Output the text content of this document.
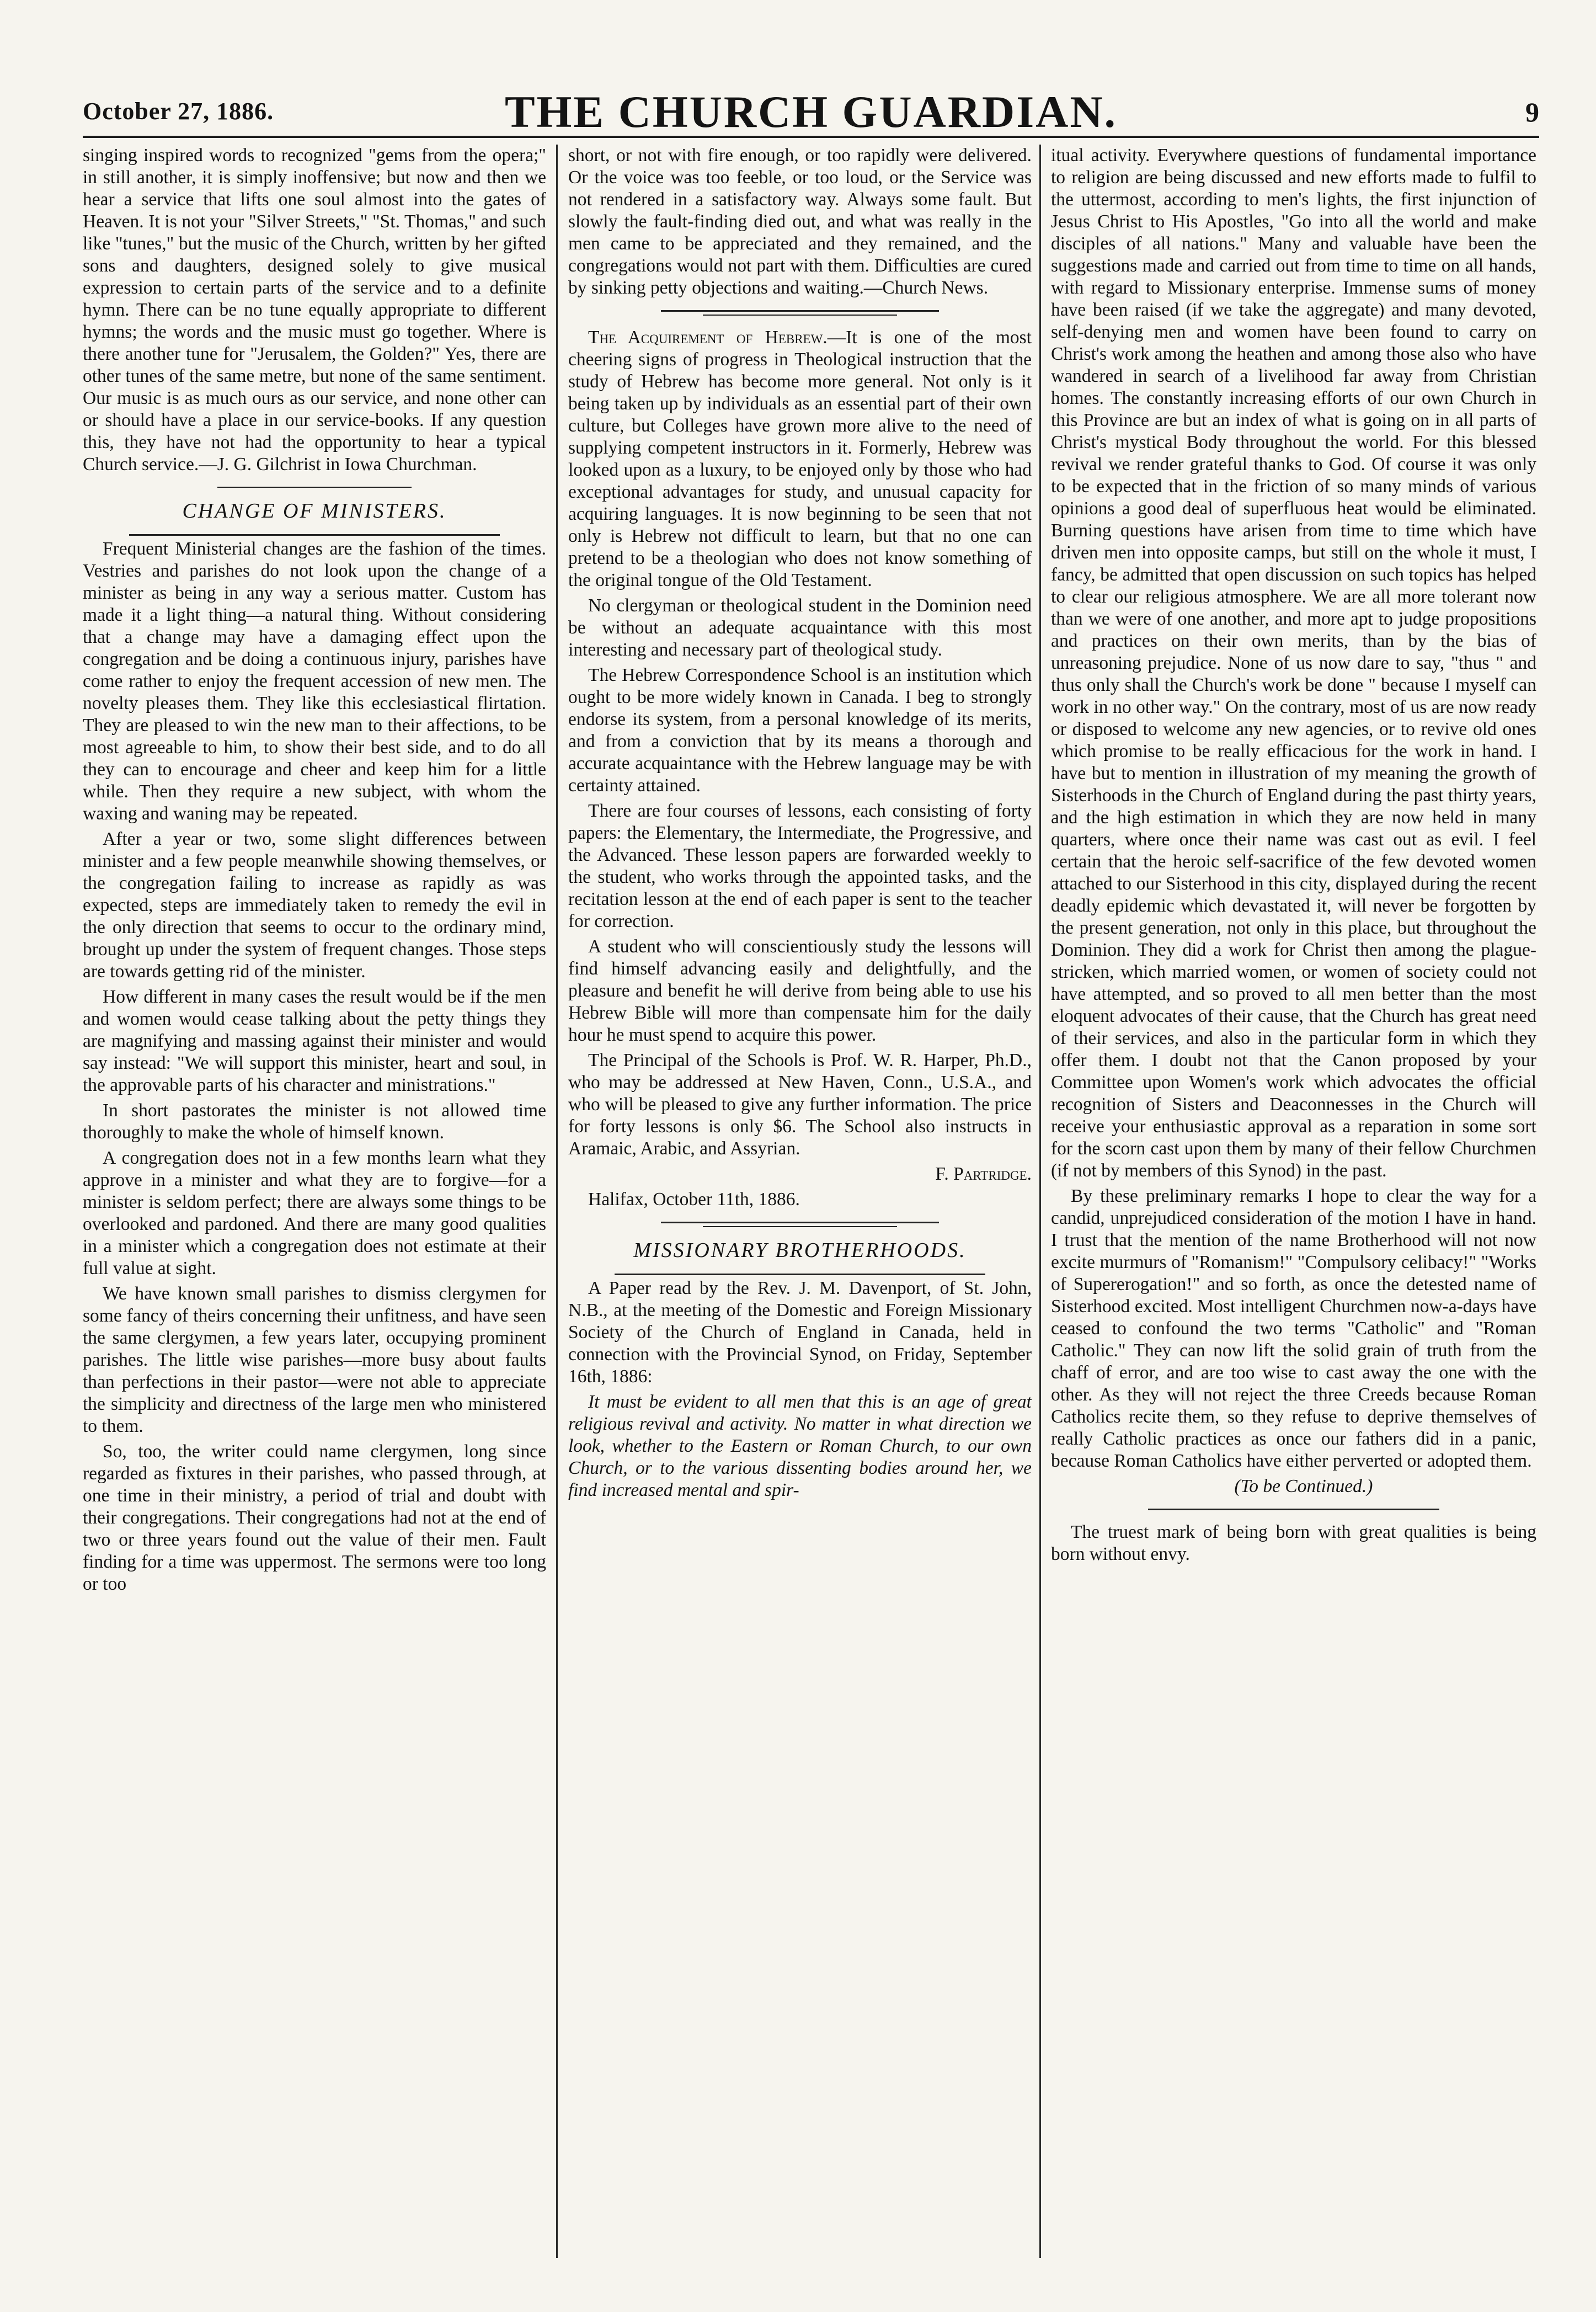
October 27, 1886.	THE CHURCH GUARDIAN.	9

singing inspired words to recognized "gems from the opera;" in still another, it is simply inoffensive; but now and then we hear a service that lifts one soul almost into the gates of Heaven. It is not your "Silver Streets," "St. Thomas," and such like "tunes," but the music of the Church, written by her gifted sons and daughters, designed solely to give musical expression to certain parts of the service and to a definite hymn. There can be no tune equally appropriate to different hymns; the words and the music must go together. Where is there another tune for "Jerusalem, the Golden?" Yes, there are other tunes of the same metre, but none of the same sentiment. Our music is as much ours as our service, and none other can or should have a place in our service-books. If any question this, they have not had the opportunity to hear a typical Church service.—J. G. Gilchrist in Iowa Churchman.

CHANGE OF MINISTERS.

Frequent Ministerial changes are the fashion of the times. Vestries and parishes do not look upon the change of a minister as being in any way a serious matter. Custom has made it a light thing—a natural thing. Without considering that a change may have a damaging effect upon the congregation and be doing a continuous injury, parishes have come rather to enjoy the frequent accession of new men. The novelty pleases them. They like this ecclesiastical flirtation. They are pleased to win the new man to their affections, to be most agreeable to him, to show their best side, and to do all they can to encourage and cheer and keep him for a little while. Then they require a new subject, with whom the waxing and waning may be repeated.

After a year or two, some slight differences between minister and a few people meanwhile showing themselves, or the congregation failing to increase as rapidly as was expected, steps are immediately taken to remedy the evil in the only direction that seems to occur to the ordinary mind, brought up under the system of frequent changes. Those steps are towards getting rid of the minister.

How different in many cases the result would be if the men and women would cease talking about the petty things they are magnifying and massing against their minister and would say instead: "We will support this minister, heart and soul, in the approvable parts of his character and ministrations."

In short pastorates the minister is not allowed time thoroughly to make the whole of himself known.

A congregation does not in a few months learn what they approve in a minister and what they are to forgive—for a minister is seldom perfect; there are always some things to be overlooked and pardoned. And there are many good qualities in a minister which a congregation does not estimate at their full value at sight.

We have known small parishes to dismiss clergymen for some fancy of theirs concerning their unfitness, and have seen the same clergymen, a few years later, occupying prominent parishes. The little wise parishes—more busy about faults than perfections in their pastor—were not able to appreciate the simplicity and directness of the large men who ministered to them.

So, too, the writer could name clergymen, long since regarded as fixtures in their parishes, who passed through, at one time in their ministry, a period of trial and doubt with their congregations. Their congregations had not at the end of two or three years found out the value of their men. Fault finding for a time was uppermost. The sermons were too long or too

short, or not with fire enough, or too rapidly were delivered. Or the voice was too feeble, or too loud, or the Service was not rendered in a satisfactory way. Always some fault. But slowly the fault-finding died out, and what was really in the men came to be appreciated and they remained, and the congregations would not part with them. Difficulties are cured by sinking petty objections and waiting.—Church News.

The Acquirement of Hebrew.—It is one of the most cheering signs of progress in Theological instruction that the study of Hebrew has become more general. Not only is it being taken up by individuals as an essential part of their own culture, but Colleges have grown more alive to the need of supplying competent instructors in it. Formerly, Hebrew was looked upon as a luxury, to be enjoyed only by those who had exceptional advantages for study, and unusual capacity for acquiring languages. It is now beginning to be seen that not only is Hebrew not difficult to learn, but that no one can pretend to be a theologian who does not know something of the original tongue of the Old Testament.

No clergyman or theological student in the Dominion need be without an adequate acquaintance with this most interesting and necessary part of theological study.

The Hebrew Correspondence School is an institution which ought to be more widely known in Canada. I beg to strongly endorse its system, from a personal knowledge of its merits, and from a conviction that by its means a thorough and accurate acquaintance with the Hebrew language may be with certainty attained.

There are four courses of lessons, each consisting of forty papers: the Elementary, the Intermediate, the Progressive, and the Advanced. These lesson papers are forwarded weekly to the student, who works through the appointed tasks, and the recitation lesson at the end of each paper is sent to the teacher for correction.

A student who will conscientiously study the lessons will find himself advancing easily and delightfully, and the pleasure and benefit he will derive from being able to use his Hebrew Bible will more than compensate him for the daily hour he must spend to acquire this power.

The Principal of the Schools is Prof. W. R. Harper, Ph.D., who may be addressed at New Haven, Conn., U.S.A., and who will be pleased to give any further information. The price for forty lessons is only $6. The School also instructs in Aramaic, Arabic, and Assyrian.

F. Partridge.

Halifax, October 11th, 1886.

MISSIONARY BROTHERHOODS.

A Paper read by the Rev. J. M. Davenport, of St. John, N.B., at the meeting of the Domestic and Foreign Missionary Society of the Church of England in Canada, held in connection with the Provincial Synod, on Friday, September 16th, 1886:

It must be evident to all men that this is an age of great religious revival and activity. No matter in what direction we look, whether to the Eastern or Roman Church, to our own Church, or to the various dissenting bodies around her, we find increased mental and spir-

itual activity. Everywhere questions of fundamental importance to religion are being discussed and new efforts made to fulfil to the uttermost, according to men's lights, the first injunction of Jesus Christ to His Apostles, "Go into all the world and make disciples of all nations." Many and valuable have been the suggestions made and carried out from time to time on all hands, with regard to Missionary enterprise. Immense sums of money have been raised (if we take the aggregate) and many devoted, self-denying men and women have been found to carry on Christ's work among the heathen and among those also who have wandered in search of a livelihood far away from Christian homes. The constantly increasing efforts of our own Church in this Province are but an index of what is going on in all parts of Christ's mystical Body throughout the world. For this blessed revival we render grateful thanks to God. Of course it was only to be expected that in the friction of so many minds of various opinions a good deal of superfluous heat would be eliminated. Burning questions have arisen from time to time which have driven men into opposite camps, but still on the whole it must, I fancy, be admitted that open discussion on such topics has helped to clear our religious atmosphere. We are all more tolerant now than we were of one another, and more apt to judge propositions and practices on their own merits, than by the bias of unreasoning prejudice. None of us now dare to say, "thus " and thus only shall the Church's work be done " because I myself can work in no other way." On the contrary, most of us are now ready or disposed to welcome any new agencies, or to revive old ones which promise to be really efficacious for the work in hand. I have but to mention in illustration of my meaning the growth of Sisterhoods in the Church of England during the past thirty years, and the high estimation in which they are now held in many quarters, where once their name was cast out as evil. I feel certain that the heroic self-sacrifice of the few devoted women attached to our Sisterhood in this city, displayed during the recent deadly epidemic which devastated it, will never be forgotten by the present generation, not only in this place, but throughout the Dominion. They did a work for Christ then among the plague-stricken, which married women, or women of society could not have attempted, and so proved to all men better than the most eloquent advocates of their cause, that the Church has great need of their services, and also in the particular form in which they offer them. I doubt not that the Canon proposed by your Committee upon Women's work which advocates the official recognition of Sisters and Deaconnesses in the Church will receive your enthusiastic approval as a reparation in some sort for the scorn cast upon them by many of their fellow Churchmen (if not by members of this Synod) in the past.

By these preliminary remarks I hope to clear the way for a candid, unprejudiced consideration of the motion I have in hand. I trust that the mention of the name Brotherhood will not now excite murmurs of "Romanism!" "Compulsory celibacy!" "Works of Supererogation!" and so forth, as once the detested name of Sisterhood excited. Most intelligent Churchmen now-a-days have ceased to confound the two terms "Catholic" and "Roman Catholic." They can now lift the solid grain of truth from the chaff of error, and are too wise to cast away the one with the other. As they will not reject the three Creeds because Roman Catholics recite them, so they refuse to deprive themselves of really Catholic practices as once our fathers did in a panic, because Roman Catholics have either perverted or adopted them.

(To be Continued.)

The truest mark of being born with great qualities is being born without envy.
